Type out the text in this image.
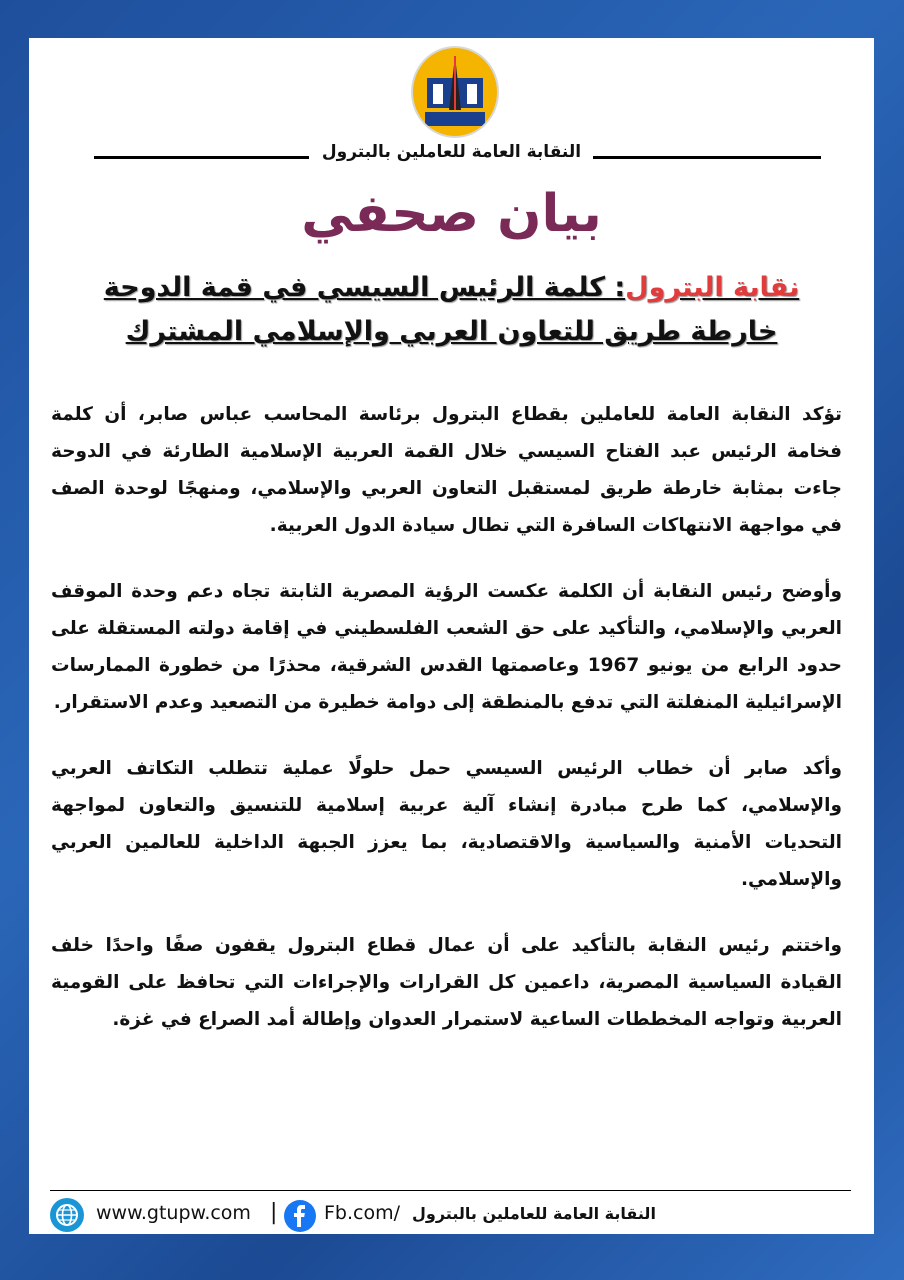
النقابة العامة للعاملين بالبترول
بيان صحفي
نقابة البترول: كلمة الرئيس السيسي في قمة الدوحة
خارطة طريق للتعاون العربي والإسلامي المشترك

تؤكد النقابة العامة للعاملين بقطاع البترول برئاسة المحاسب عباس صابر، أن كلمة فخامة الرئيس عبد الفتاح السيسي خلال القمة العربية الإسلامية الطارئة في الدوحة جاءت بمثابة خارطة طريق لمستقبل التعاون العربي والإسلامي، ومنهجًا لوحدة الصف في مواجهة الانتهاكات السافرة التي تطال سيادة الدول العربية.

وأوضح رئيس النقابة أن الكلمة عكست الرؤية المصرية الثابتة تجاه دعم وحدة الموقف العربي والإسلامي، والتأكيد على حق الشعب الفلسطيني في إقامة دولته المستقلة على حدود الرابع من يونيو 1967 وعاصمتها القدس الشرقية، محذرًا من خطورة الممارسات الإسرائيلية المنفلتة التي تدفع بالمنطقة إلى دوامة خطيرة من التصعيد وعدم الاستقرار.

وأكد صابر أن خطاب الرئيس السيسي حمل حلولًا عملية تتطلب التكاتف العربي والإسلامي، كما طرح مبادرة إنشاء آلية عربية إسلامية للتنسيق والتعاون لمواجهة التحديات الأمنية والسياسية والاقتصادية، بما يعزز الجبهة الداخلية للعالمين العربي والإسلامي.

واختتم رئيس النقابة بالتأكيد على أن عمال قطاع البترول يقفون صفًا واحدًا خلف القيادة السياسية المصرية، داعمين كل القرارات والإجراءات التي تحافظ على القومية العربية وتواجه المخططات الساعية لاستمرار العدوان وإطالة أمد الصراع في غزة.

www.gtupw.com | Fb.com/ النقابة العامة للعاملين بالبترول
